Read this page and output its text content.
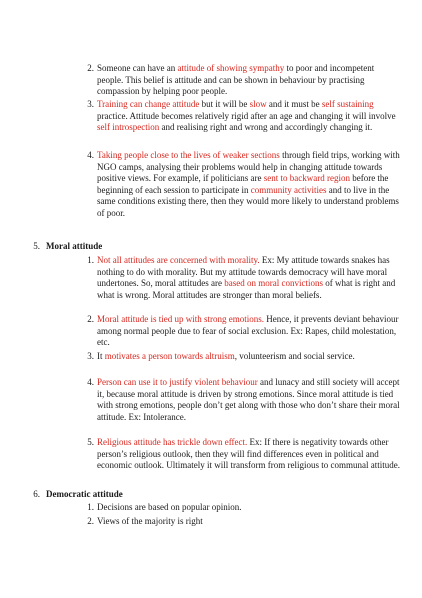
2. Someone can have an attitude of showing sympathy to poor and incompetent people. This belief is attitude and can be shown in behaviour by practising compassion by helping poor people.
3. Training can change attitude but it will be slow and it must be self sustaining practice. Attitude becomes relatively rigid after an age and changing it will involve self introspection and realising right and wrong and accordingly changing it.
4. Taking people close to the lives of weaker sections through field trips, working with NGO camps, analysing their problems would help in changing attitude towards positive views. For example, if politicians are sent to backward region before the beginning of each session to participate in community activities and to live in the same conditions existing there, then they would more likely to understand problems of poor.
5. Moral attitude
1. Not all attitudes are concerned with morality. Ex: My attitude towards snakes has nothing to do with morality. But my attitude towards democracy will have moral undertones. So, moral attitudes are based on moral convictions of what is right and what is wrong. Moral attitudes are stronger than moral beliefs.
2. Moral attitude is tied up with strong emotions. Hence, it prevents deviant behaviour among normal people due to fear of social exclusion. Ex: Rapes, child molestation, etc.
3. It motivates a person towards altruism, volunteerism and social service.
4. Person can use it to justify violent behaviour and lunacy and still society will accept it, because moral attitude is driven by strong emotions. Since moral attitude is tied with strong emotions, people don’t get along with those who don’t share their moral attitude. Ex: Intolerance.
5. Religious attitude has trickle down effect. Ex: If there is negativity towards other person’s religious outlook, then they will find differences even in political and economic outlook. Ultimately it will transform from religious to communal attitude.
6. Democratic attitude
1. Decisions are based on popular opinion.
2. Views of the majority is right
